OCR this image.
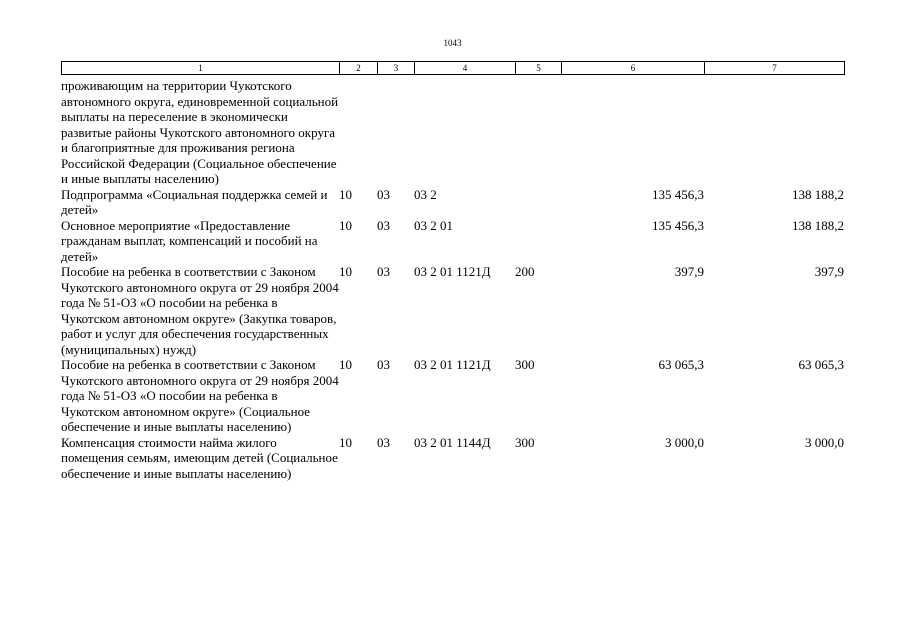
1043
1	2	3	4	5	6	7
проживающим на территории Чукотского автономного округа, единовременной социальной выплаты на переселение в экономически развитые районы Чукотского автономного округа и благоприятные для проживания региона Российской Федерации (Социальное обеспечение и иные выплаты населению)						
Подпрограмма «Социальная поддержка семей и детей»	10	03	03 2		135 456,3	138 188,2
Основное мероприятие «Предоставление гражданам выплат, компенсаций и пособий на детей»	10	03	03 2 01		135 456,3	138 188,2
Пособие на ребенка в соответствии с Законом Чукотского автономного округа от 29 ноября 2004 года № 51-ОЗ «О пособии на ребенка в Чукотском автономном округе» (Закупка товаров, работ и услуг для обеспечения государственных (муниципальных) нужд)	10	03	03 2 01 1121Д	200	397,9	397,9
Пособие на ребенка в соответствии с Законом Чукотского автономного округа от 29 ноября 2004 года № 51-ОЗ «О пособии на ребенка в Чукотском автономном округе» (Социальное обеспечение и иные выплаты населению)	10	03	03 2 01 1121Д	300	63 065,3	63 065,3
Компенсация стоимости найма жилого помещения семьям, имеющим детей (Социальное обеспечение и иные выплаты населению)	10	03	03 2 01 1144Д	300	3 000,0	3 000,0
